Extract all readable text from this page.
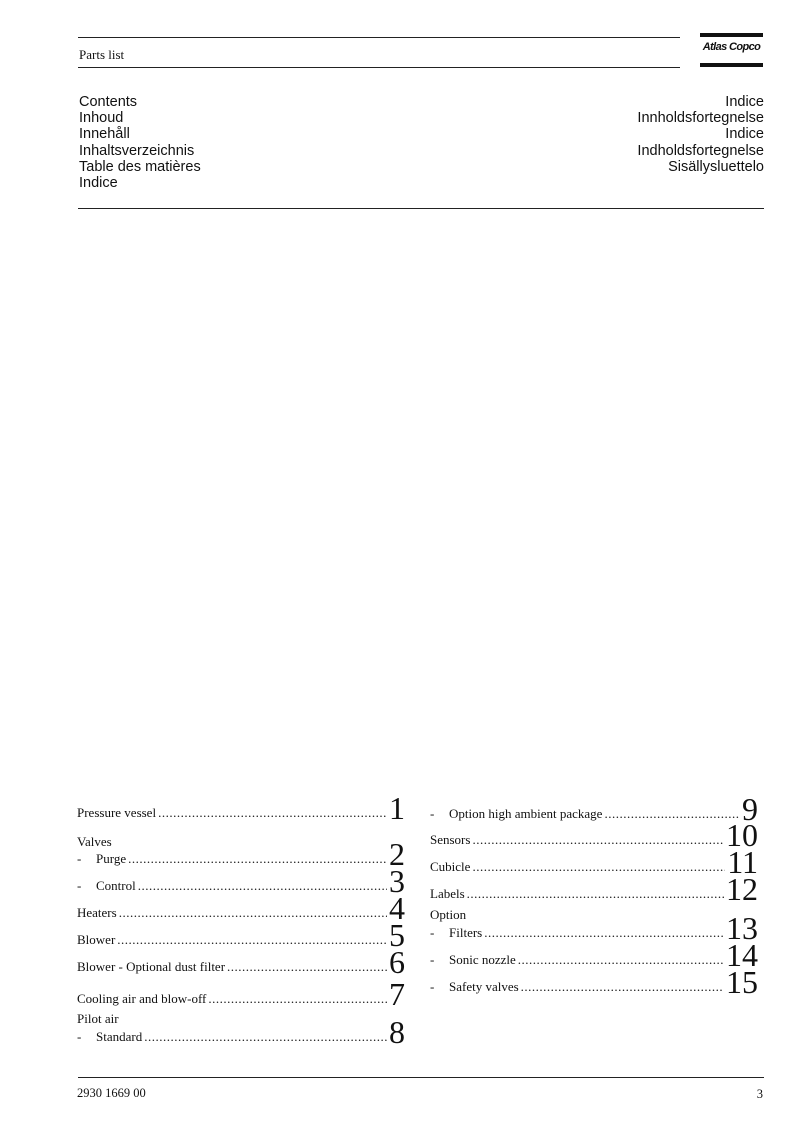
Parts list	Atlas Copco
Contents
Inhoud
Innehåll
Inhaltsverzeichnis
Table des matières
Indice
Indice
Innholdsfortegnelse
Indice
Indholdsfortegnelse
Sisällysluettelo
Pressure vessel .....	1
Valves
- Purge .....	2
- Control .....	3
Heaters .....	4
Blower .....	5
Blower - Optional dust filter .....	6
Cooling air and blow-off .....	7
Pilot air
- Standard .....	8
- Option high ambient package .....	9
Sensors .....	10
Cubicle .....	11
Labels .....	12
Option
- Filters .....	13
- Sonic nozzle .....	14
- Safety valves .....	15
2930 1669 00	3
